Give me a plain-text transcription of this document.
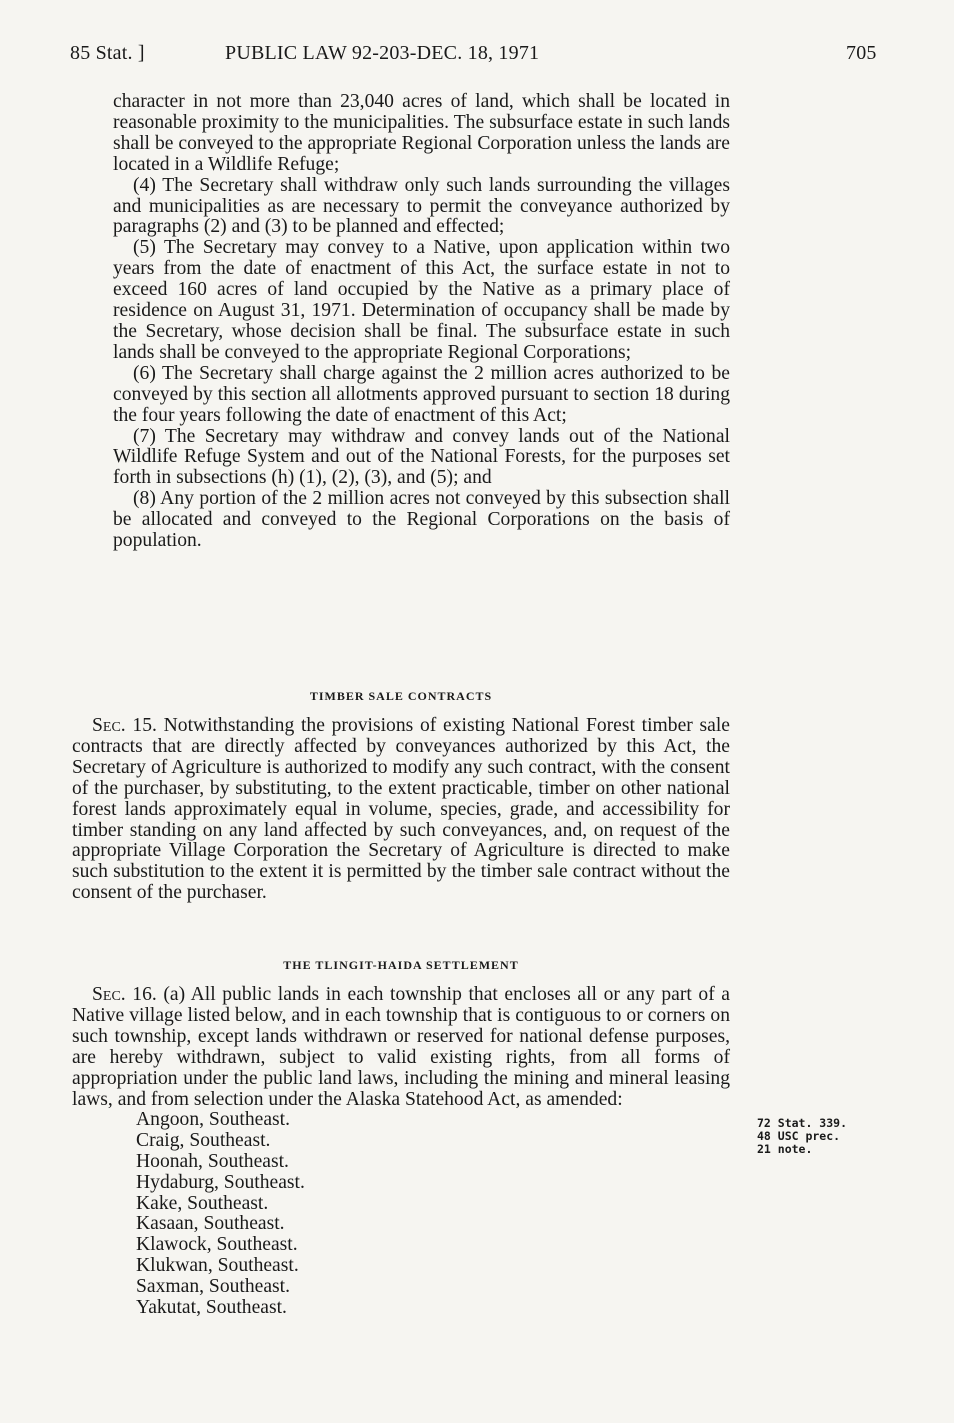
85 Stat. ]	PUBLIC LAW 92-203-DEC. 18, 1971	705

character in not more than 23,040 acres of land, which shall be located in reasonable proximity to the municipalities. The subsurface estate in such lands shall be conveyed to the appropriate Regional Corporation unless the lands are located in a Wildlife Refuge;

(4) The Secretary shall withdraw only such lands surrounding the villages and municipalities as are necessary to permit the conveyance authorized by paragraphs (2) and (3) to be planned and effected;

(5) The Secretary may convey to a Native, upon application within two years from the date of enactment of this Act, the surface estate in not to exceed 160 acres of land occupied by the Native as a primary place of residence on August 31, 1971. Determination of occupancy shall be made by the Secretary, whose decision shall be final. The subsurface estate in such lands shall be conveyed to the appropriate Regional Corporations;

(6) The Secretary shall charge against the 2 million acres authorized to be conveyed by this section all allotments approved pursuant to section 18 during the four years following the date of enactment of this Act;

(7) The Secretary may withdraw and convey lands out of the National Wildlife Refuge System and out of the National Forests, for the purposes set forth in subsections (h) (1), (2), (3), and (5); and

(8) Any portion of the 2 million acres not conveyed by this subsection shall be allocated and conveyed to the Regional Corporations on the basis of population.

TIMBER SALE CONTRACTS

Sec. 15. Notwithstanding the provisions of existing National Forest timber sale contracts that are directly affected by conveyances authorized by this Act, the Secretary of Agriculture is authorized to modify any such contract, with the consent of the purchaser, by substituting, to the extent practicable, timber on other national forest lands approximately equal in volume, species, grade, and accessibility for timber standing on any land affected by such conveyances, and, on request of the appropriate Village Corporation the Secretary of Agriculture is directed to make such substitution to the extent it is permitted by the timber sale contract without the consent of the purchaser.

THE TLINGIT-HAIDA SETTLEMENT

Sec. 16. (a) All public lands in each township that encloses all or any part of a Native village listed below, and in each township that is contiguous to or corners on such township, except lands withdrawn or reserved for national defense purposes, are hereby withdrawn, subject to valid existing rights, from all forms of appropriation under the public land laws, including the mining and mineral leasing laws, and from selection under the Alaska Statehood Act, as amended:

Angoon, Southeast.
Craig, Southeast.
Hoonah, Southeast.
Hydaburg, Southeast.
Kake, Southeast.
Kasaan, Southeast.
Klawock, Southeast.
Klukwan, Southeast.
Saxman, Southeast.
Yakutat, Southeast.
72 Stat. 339.
48 USC prec.
21 note.
